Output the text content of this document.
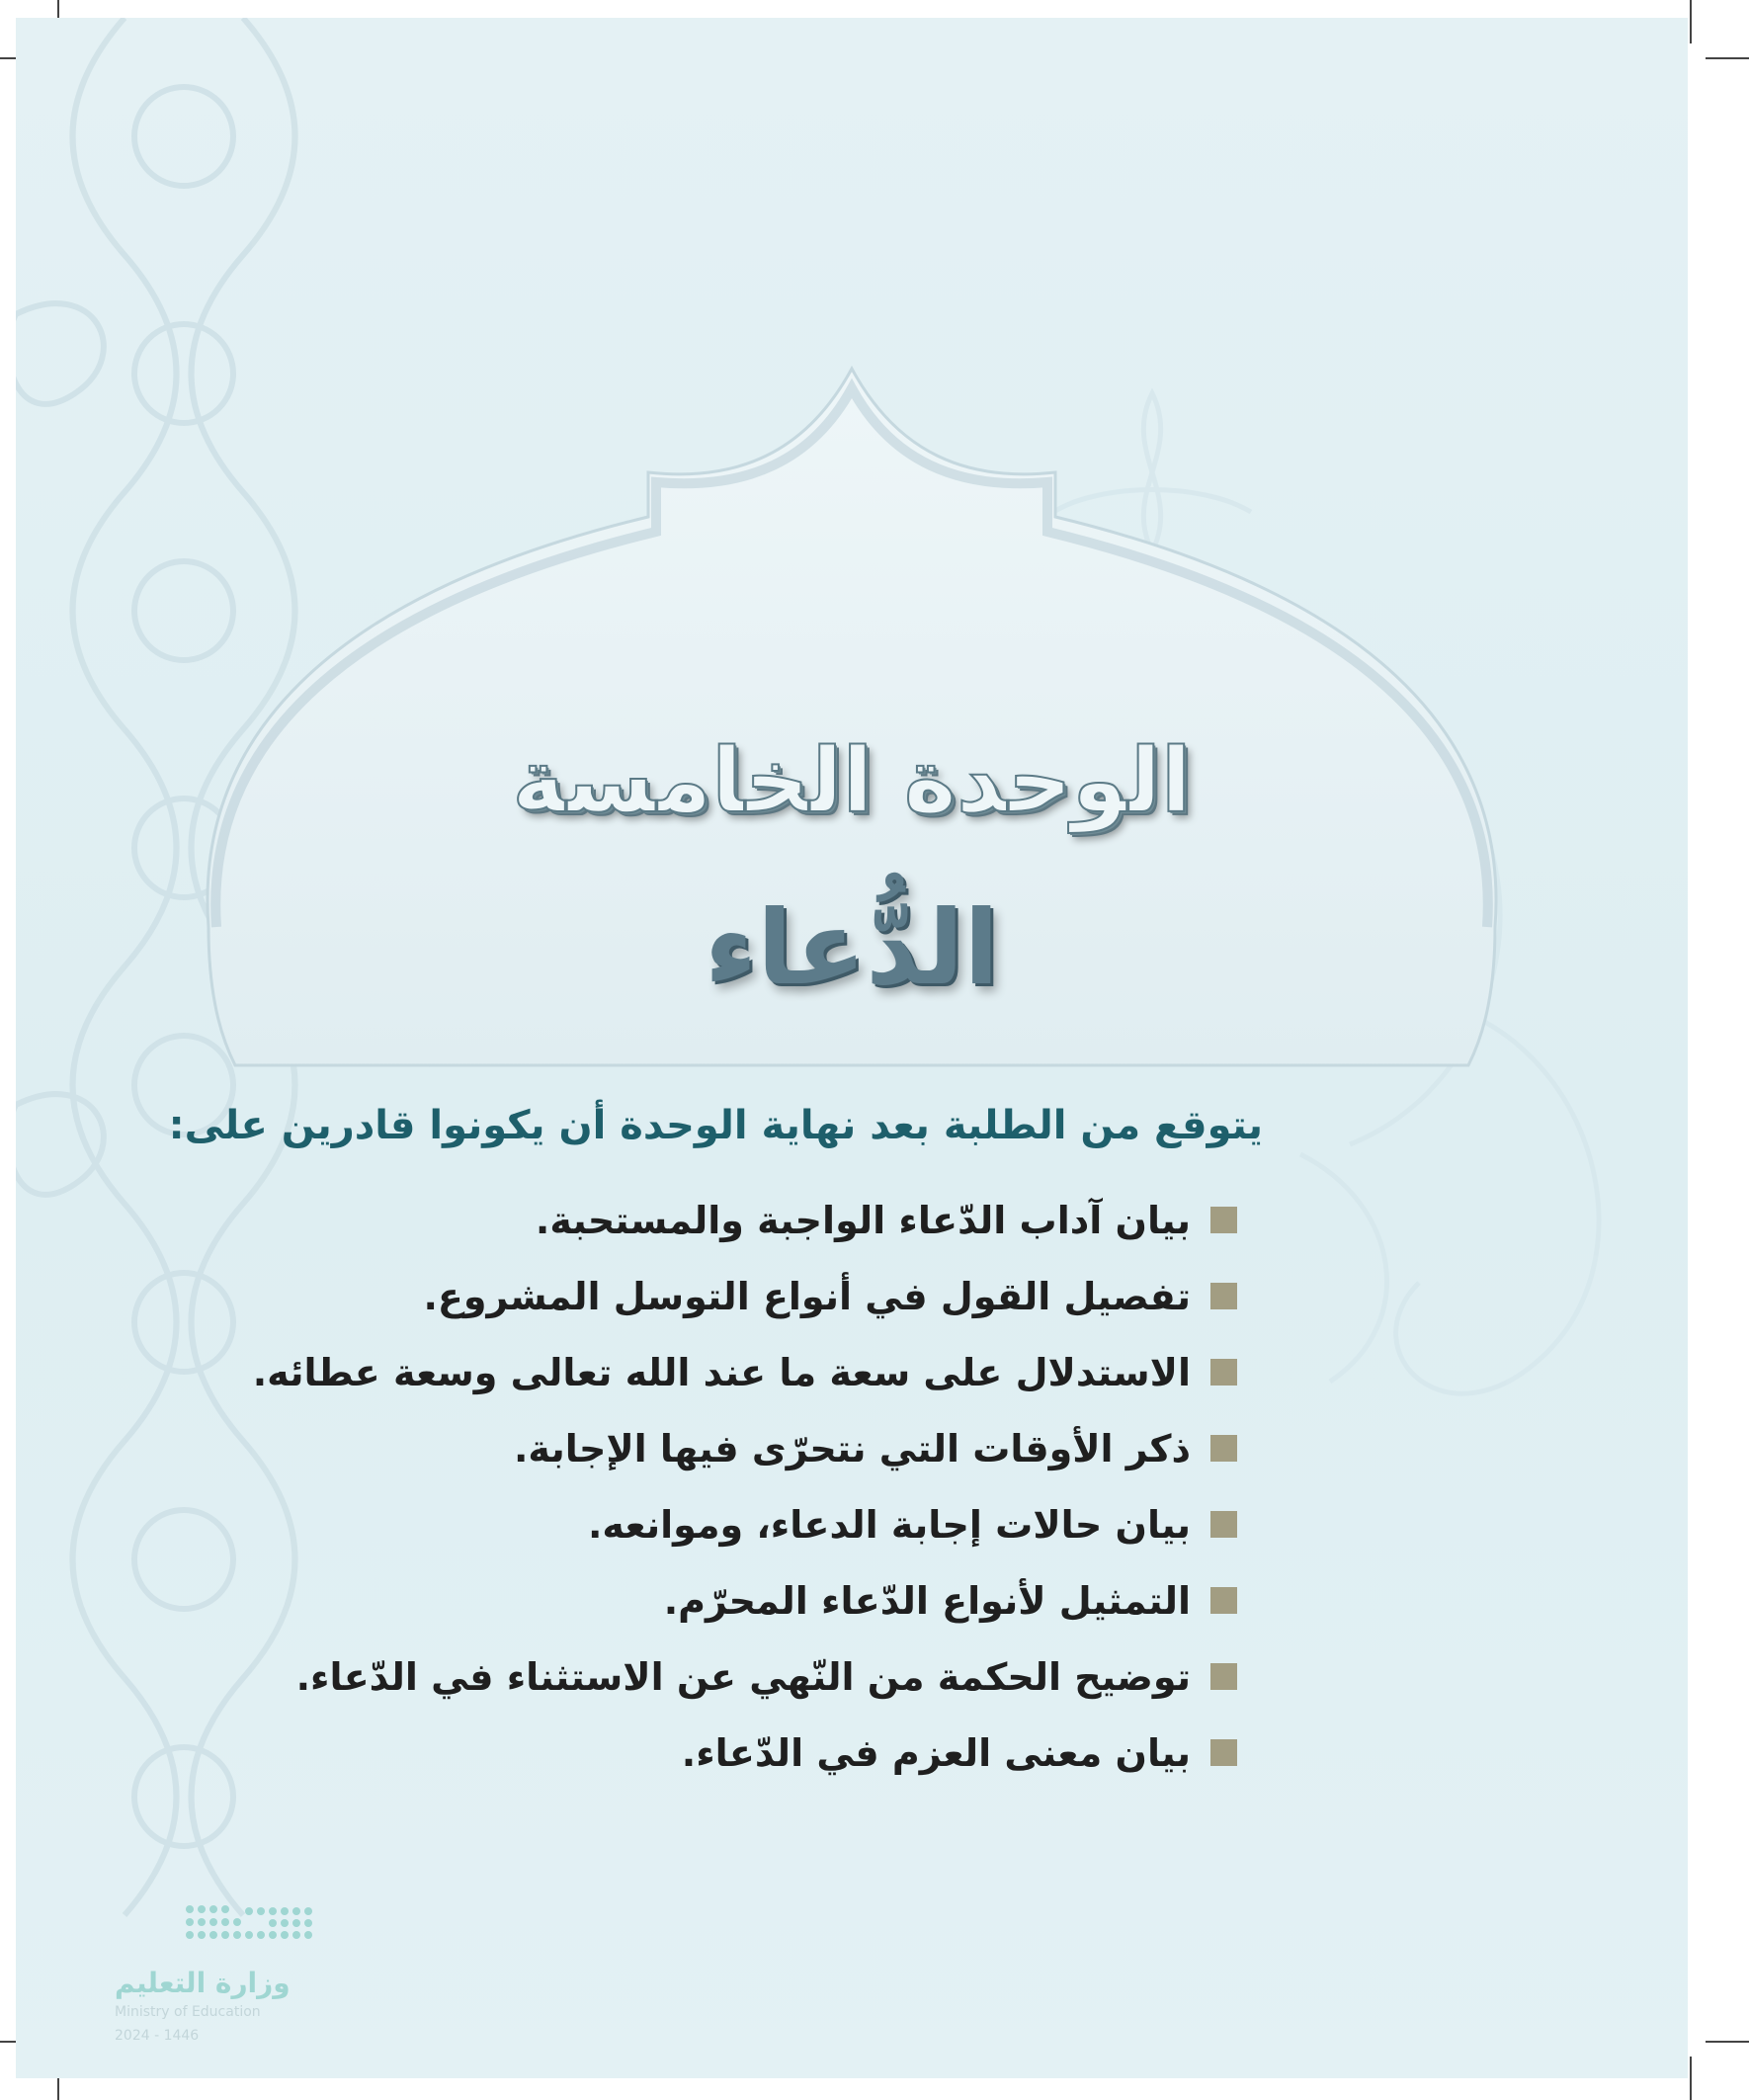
الوحدة الخامسة
الدُّعاء
يتوقع من الطلبة بعد نهاية الوحدة أن يكونوا قادرين على:
بيان آداب الدّعاء الواجبة والمستحبة.
تفصيل القول في أنواع التوسل المشروع.
الاستدلال على سعة ما عند الله تعالى وسعة عطائه.
ذكر الأوقات التي نتحرّى فيها الإجابة.
بيان حالات إجابة الدعاء، وموانعه.
التمثيل لأنواع الدّعاء المحرّم.
توضيح الحكمة من النّهي عن الاستثناء في الدّعاء.
بيان معنى العزم في الدّعاء.
وزارة التعليم
Ministry of Education
2024 - 1446
